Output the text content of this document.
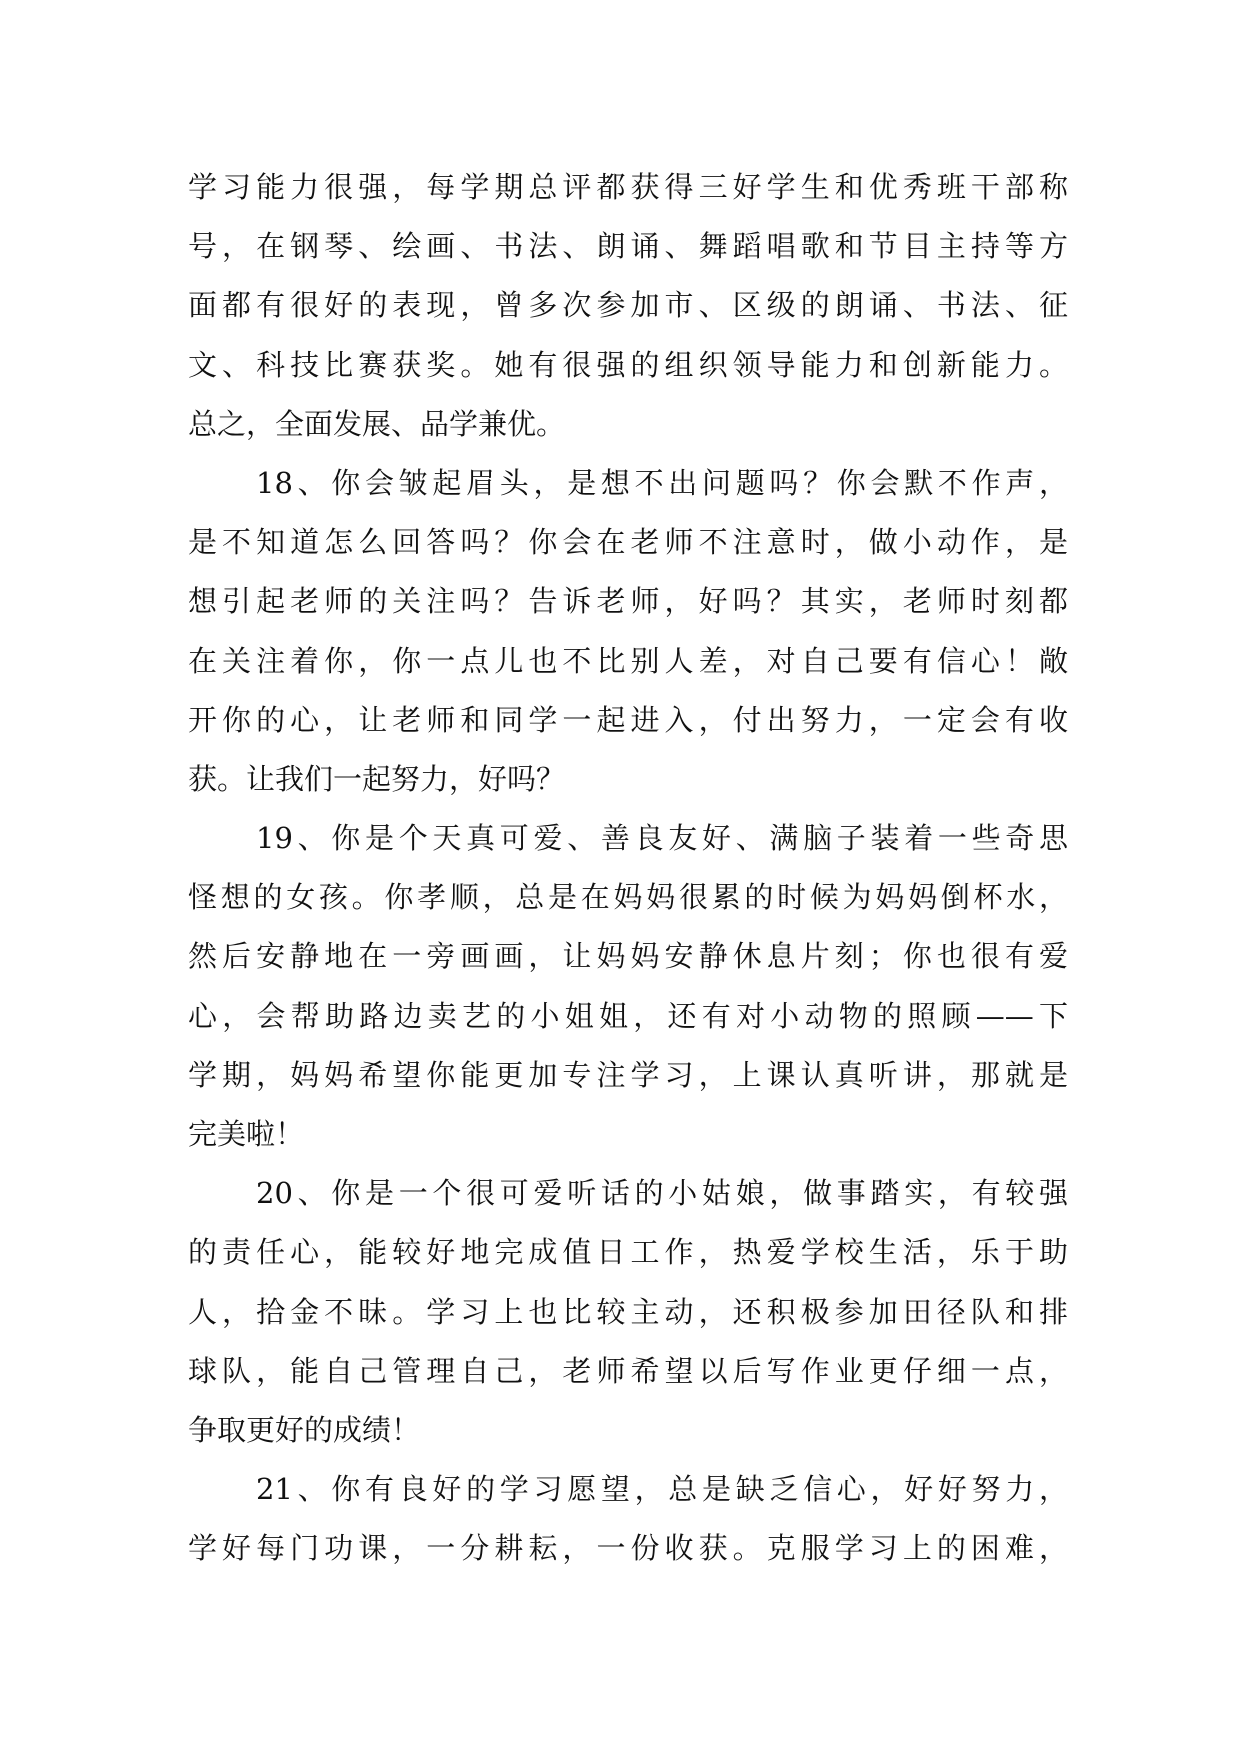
学习能力很强，每学期总评都获得三好学生和优秀班干部称
号，在钢琴、绘画、书法、朗诵、舞蹈唱歌和节目主持等方
面都有很好的表现，曾多次参加市、区级的朗诵、书法、征
文、科技比赛获奖。她有很强的组织领导能力和创新能力。
总之，全面发展、品学兼优。
18、你会皱起眉头，是想不出问题吗？你会默不作声，
是不知道怎么回答吗？你会在老师不注意时，做小动作，是
想引起老师的关注吗？告诉老师，好吗？其实，老师时刻都
在关注着你，你一点儿也不比别人差，对自己要有信心！敞
开你的心，让老师和同学一起进入，付出努力，一定会有收
获。让我们一起努力，好吗？
19、你是个天真可爱、善良友好、满脑子装着一些奇思
怪想的女孩。你孝顺，总是在妈妈很累的时候为妈妈倒杯水，
然后安静地在一旁画画，让妈妈安静休息片刻；你也很有爱
心，会帮助路边卖艺的小姐姐，还有对小动物的照顾——下
学期，妈妈希望你能更加专注学习，上课认真听讲，那就是
完美啦！
20、你是一个很可爱听话的小姑娘，做事踏实，有较强
的责任心，能较好地完成值日工作，热爱学校生活，乐于助
人，拾金不昧。学习上也比较主动，还积极参加田径队和排
球队，能自己管理自己，老师希望以后写作业更仔细一点，
争取更好的成绩！
21、你有良好的学习愿望，总是缺乏信心，好好努力，
学好每门功课，一分耕耘，一份收获。克服学习上的困难，
